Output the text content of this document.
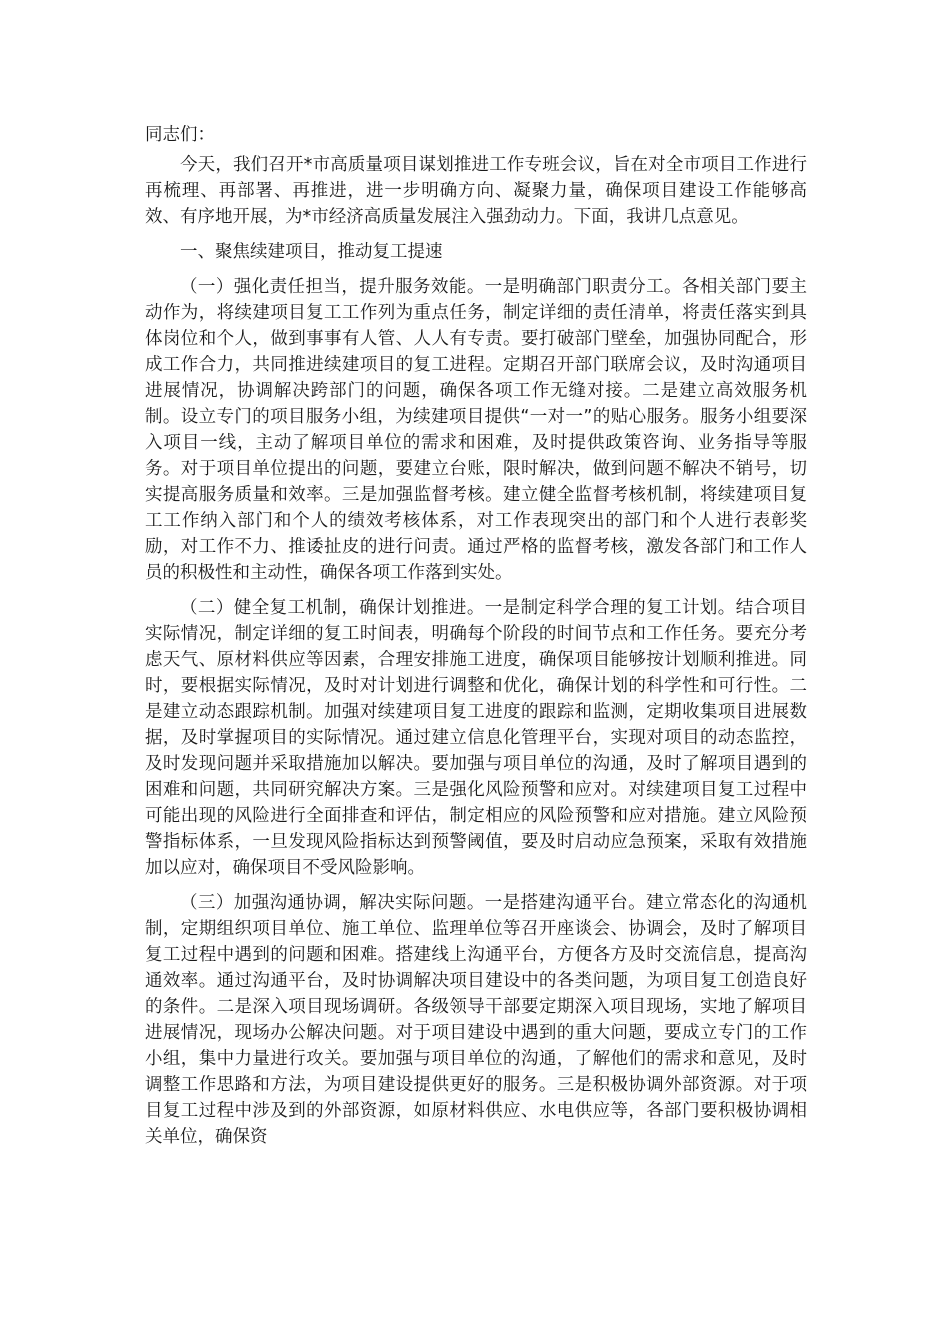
同志们：

今天，我们召开*市高质量项目谋划推进工作专班会议，旨在对全市项目工作进行再梳理、再部署、再推进，进一步明确方向、凝聚力量，确保项目建设工作能够高效、有序地开展，为*市经济高质量发展注入强劲动力。下面，我讲几点意见。

一、聚焦续建项目，推动复工提速

（一）强化责任担当，提升服务效能。一是明确部门职责分工。各相关部门要主动作为，将续建项目复工工作列为重点任务，制定详细的责任清单，将责任落实到具体岗位和个人，做到事事有人管、人人有专责。要打破部门壁垒，加强协同配合，形成工作合力，共同推进续建项目的复工进程。定期召开部门联席会议，及时沟通项目进展情况，协调解决跨部门的问题，确保各项工作无缝对接。二是建立高效服务机制。设立专门的项目服务小组，为续建项目提供“一对一”的贴心服务。服务小组要深入项目一线，主动了解项目单位的需求和困难，及时提供政策咨询、业务指导等服务。对于项目单位提出的问题，要建立台账，限时解决，做到问题不解决不销号，切实提高服务质量和效率。三是加强监督考核。建立健全监督考核机制，将续建项目复工工作纳入部门和个人的绩效考核体系，对工作表现突出的部门和个人进行表彰奖励，对工作不力、推诿扯皮的进行问责。通过严格的监督考核，激发各部门和工作人员的积极性和主动性，确保各项工作落到实处。

（二）健全复工机制，确保计划推进。一是制定科学合理的复工计划。结合项目实际情况，制定详细的复工时间表，明确每个阶段的时间节点和工作任务。要充分考虑天气、原材料供应等因素，合理安排施工进度，确保项目能够按计划顺利推进。同时，要根据实际情况，及时对计划进行调整和优化，确保计划的科学性和可行性。二是建立动态跟踪机制。加强对续建项目复工进度的跟踪和监测，定期收集项目进展数据，及时掌握项目的实际情况。通过建立信息化管理平台，实现对项目的动态监控，及时发现问题并采取措施加以解决。要加强与项目单位的沟通，及时了解项目遇到的困难和问题，共同研究解决方案。三是强化风险预警和应对。对续建项目复工过程中可能出现的风险进行全面排查和评估，制定相应的风险预警和应对措施。建立风险预警指标体系，一旦发现风险指标达到预警阈值，要及时启动应急预案，采取有效措施加以应对，确保项目不受风险影响。

（三）加强沟通协调，解决实际问题。一是搭建沟通平台。建立常态化的沟通机制，定期组织项目单位、施工单位、监理单位等召开座谈会、协调会，及时了解项目复工过程中遇到的问题和困难。搭建线上沟通平台，方便各方及时交流信息，提高沟通效率。通过沟通平台，及时协调解决项目建设中的各类问题，为项目复工创造良好的条件。二是深入项目现场调研。各级领导干部要定期深入项目现场，实地了解项目进展情况，现场办公解决问题。对于项目建设中遇到的重大问题，要成立专门的工作小组，集中力量进行攻关。要加强与项目单位的沟通，了解他们的需求和意见，及时调整工作思路和方法，为项目建设提供更好的服务。三是积极协调外部资源。对于项目复工过程中涉及到的外部资源，如原材料供应、水电供应等，各部门要积极协调相关单位，确保资
